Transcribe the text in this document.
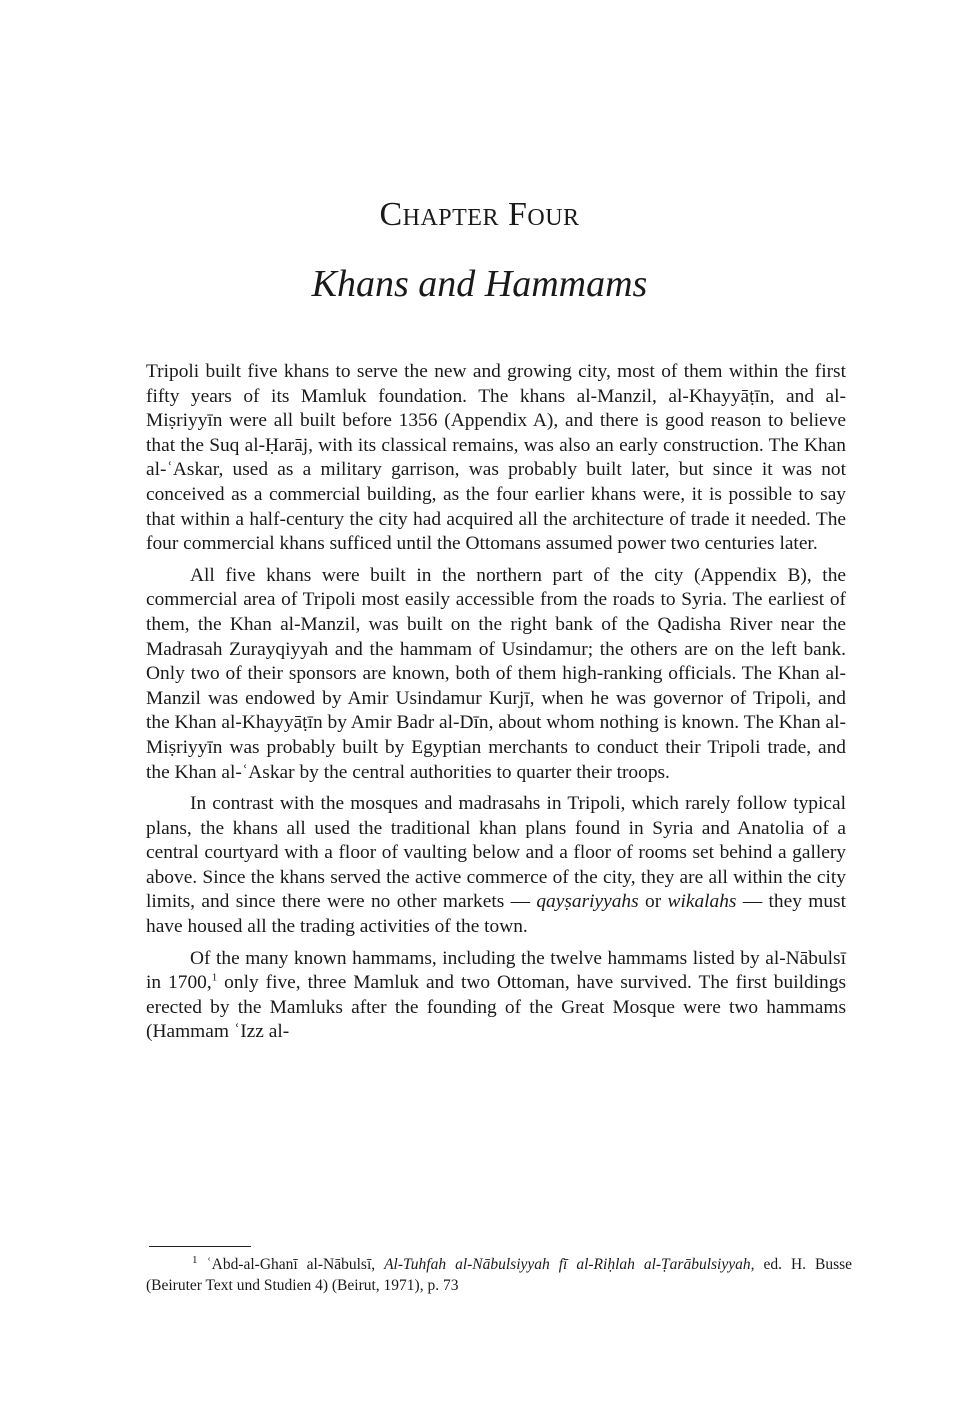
Chapter Four
Khans and Hammams

Tripoli built five khans to serve the new and growing city, most of them within the first fifty years of its Mamluk foundation. The khans al-Manzil, al-Khayyāṭīn, and al-Miṣriyyīn were all built before 1356 (Appendix A), and there is good reason to believe that the Suq al-Ḥarāj, with its classical remains, was also an early construction. The Khan al-ʿAskar, used as a military garrison, was probably built later, but since it was not conceived as a commercial building, as the four earlier khans were, it is possible to say that within a half-century the city had acquired all the architecture of trade it needed. The four commercial khans sufficed until the Ottomans assumed power two centuries later.

All five khans were built in the northern part of the city (Appendix B), the commercial area of Tripoli most easily accessible from the roads to Syria. The earliest of them, the Khan al-Manzil, was built on the right bank of the Qadisha River near the Madrasah Zurayqiyyah and the hammam of Usindamur; the others are on the left bank. Only two of their sponsors are known, both of them high-ranking officials. The Khan al-Manzil was endowed by Amir Usindamur Kurjī, when he was governor of Tripoli, and the Khan al-Khayyāṭīn by Amir Badr al-Dīn, about whom nothing is known. The Khan al-Miṣriyyīn was probably built by Egyptian merchants to conduct their Tripoli trade, and the Khan al-ʿAskar by the central authorities to quarter their troops.

In contrast with the mosques and madrasahs in Tripoli, which rarely follow typical plans, the khans all used the traditional khan plans found in Syria and Anatolia of a central courtyard with a floor of vaulting below and a floor of rooms set behind a gallery above. Since the khans served the active commerce of the city, they are all within the city limits, and since there were no other markets — qayṣariyyahs or wikalahs — they must have housed all the trading activities of the town.

Of the many known hammams, including the twelve hammams listed by al-Nābulsī in 1700,$^1$ only five, three Mamluk and two Ottoman, have survived. The first buildings erected by the Mamluks after the founding of the Great Mosque were two hammams (Hammam ʿIzz al-

$^1$ ʿAbd-al-Ghanī al-Nābulsī, Al-Tuhfah al-Nābulsiyyah fī al-Riḥlah al-Ṭarābulsiyyah, ed. H. Busse (Beiruter Text und Studien 4) (Beirut, 1971), p. 73
